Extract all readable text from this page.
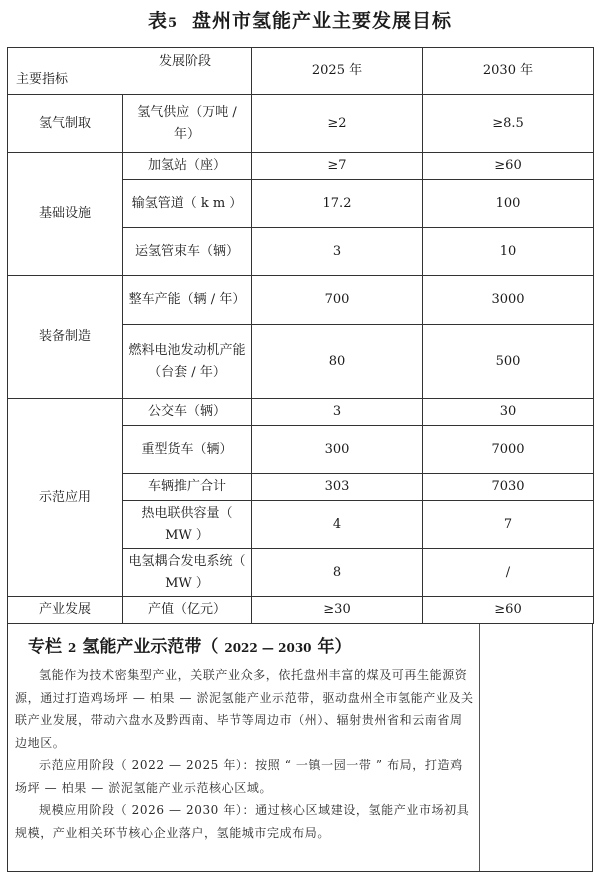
表5 盘州市氢能产业主要发展目标
发展阶段
主要指标		2025 年	2030 年
氢气制取	氢气供应（万吨 / 年）	≥2	≥8.5
基础设施	加氢站（座）	≥7	≥60
	输氢管道（ k m ）	17.2	100
	运氢管束车（辆）	3	10
装备制造	整车产能（辆 / 年）	700	3000
	燃料电池发动机产能（台套 / 年）	80	500
示范应用	公交车（辆）	3	30
	重型货车（辆）	300	7000
	车辆推广合计	303	7030
	热电联供容量（ MW ）	4	7
	电氢耦合发电系统（ MW ）	8	/
产业发展	产值（亿元）	≥30	≥60
专栏 2 氢能产业示范带（ 2022 — 2030 年）

氢能作为技术密集型产业，关联产业众多，依托盘州丰富的煤及可再生能源资源，通过打造鸡场坪 — 柏果 — 淤泥氢能产业示范带，驱动盘州全市氢能产业及关联产业发展，带动六盘水及黔西南、毕节等周边市（州）、辐射贵州省和云南省周边地区。

示范应用阶段（ 2022 — 2025 年）：按照 “ 一镇一园一带 ” 布局，打造鸡场坪 — 柏果 — 淤泥氢能产业示范核心区域。

规模应用阶段（ 2026 — 2030 年）：通过核心区域建设，氢能产业市场初具规模，产业相关环节核心企业落户，氢能城市完成布局。
